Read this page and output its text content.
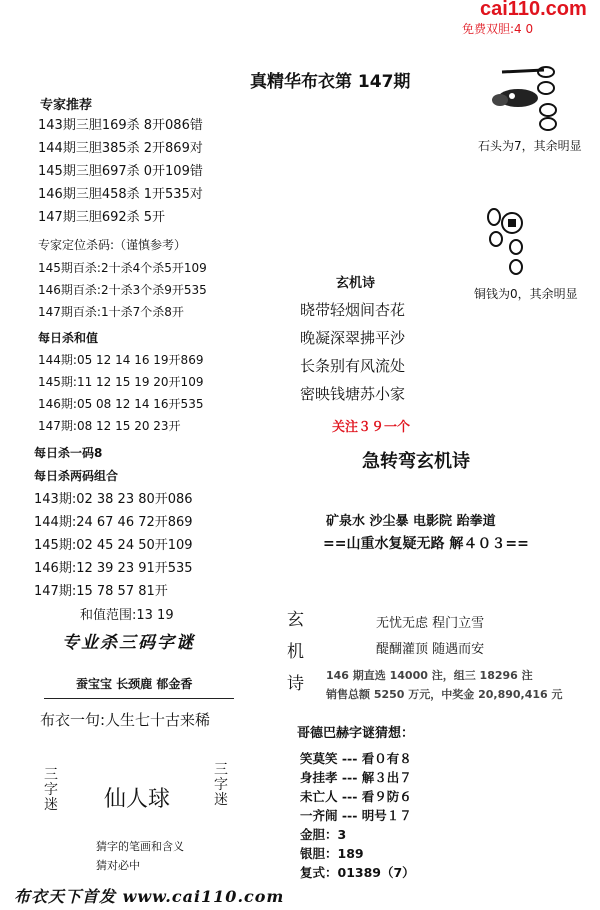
cai110.com
免费双胆:4 0
真精华布衣第 147期
专家推荐
143期三胆169杀 8开086错
144期三胆385杀 2开869对
145期三胆697杀 0开109错
146期三胆458杀 1开535对
147期三胆692杀 5开
专家定位杀码:（谨慎参考）
145期百杀:2十杀4个杀5开109
146期百杀:2十杀3个杀9开535
147期百杀:1十杀7个杀8开
每日杀和值
144期:05 12 14 16 19开869
145期:11 12 15 19 20开109
146期:05 08 12 14 16开535
147期:08 12 15 20 23开
每日杀一码8
每日杀两码组合
143期:02 38 23 80开086
144期:24 67 46 72开869
145期:02 45 24 50开109
146期:12 39 23 91开535
147期:15 78 57 81开
和值范围:13 19
专业杀三码字谜
蚕宝宝 长颈鹿 郁金香
布衣一句:人生七十古来稀
三
字
迷 仙人球
三
字
迷
猜字的笔画和含义
猜对必中
布衣天下首发 www.cai110.com
石头为7，其余明显
铜钱为0，其余明显
玄机诗
晓带轻烟间杏花
晚凝深翠拂平沙
长条别有风流处
密映钱塘苏小家
关注３９一个
急转弯玄机诗
矿泉水 沙尘暴 电影院 跆拳道
==山重水复疑无路 解４０３==
玄
机
诗
无忧无虑 程门立雪
醍醐灌顶 随遇而安
146 期直选 14000 注，组三 18296 注
销售总额 5250 万元，中奖金 20,890,416 元
哥德巴赫字谜猜想：
笑莫笑 --- 看０有８
身挂孝 --- 解３出７
未亡人 --- 看９防６
一齐闹 --- 明号１７
金胆：3
银胆：189
复式：01389（7）
